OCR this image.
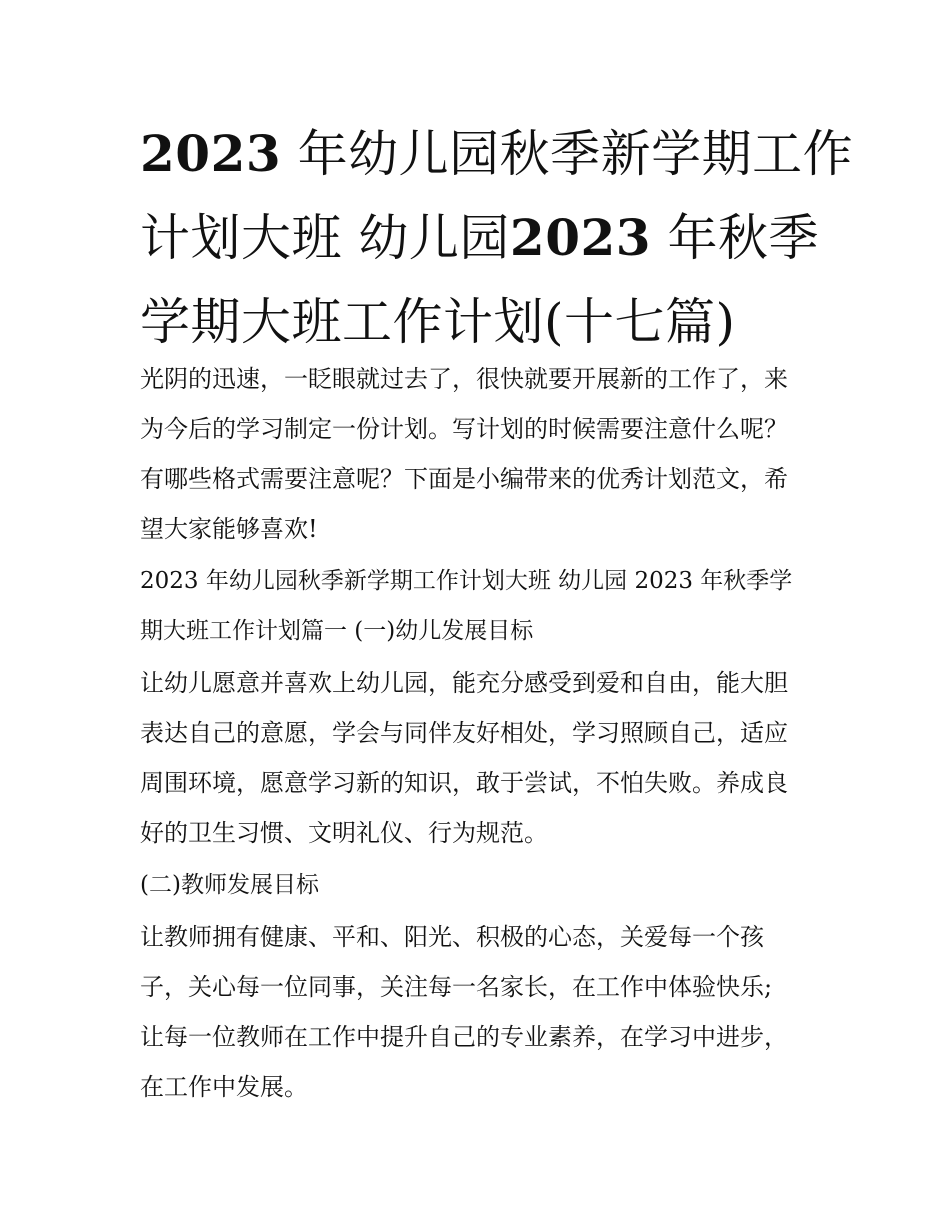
2023 年幼儿园秋季新学期工作
计划大班 幼儿园2023 年秋季
学期大班工作计划(十七篇)

光阴的迅速，一眨眼就过去了，很快就要开展新的工作了，来
为今后的学习制定一份计划。写计划的时候需要注意什么呢？
有哪些格式需要注意呢？下面是小编带来的优秀计划范文，希
望大家能够喜欢!

2023 年幼儿园秋季新学期工作计划大班 幼儿园 2023 年秋季学
期大班工作计划篇一 (一)幼儿发展目标

让幼儿愿意并喜欢上幼儿园，能充分感受到爱和自由，能大胆
表达自己的意愿，学会与同伴友好相处，学习照顾自己，适应
周围环境，愿意学习新的知识，敢于尝试，不怕失败。养成良
好的卫生习惯、文明礼仪、行为规范。

(二)教师发展目标

让教师拥有健康、平和、阳光、积极的心态，关爱每一个孩
子，关心每一位同事，关注每一名家长，在工作中体验快乐;
让每一位教师在工作中提升自己的专业素养，在学习中进步，
在工作中发展。
